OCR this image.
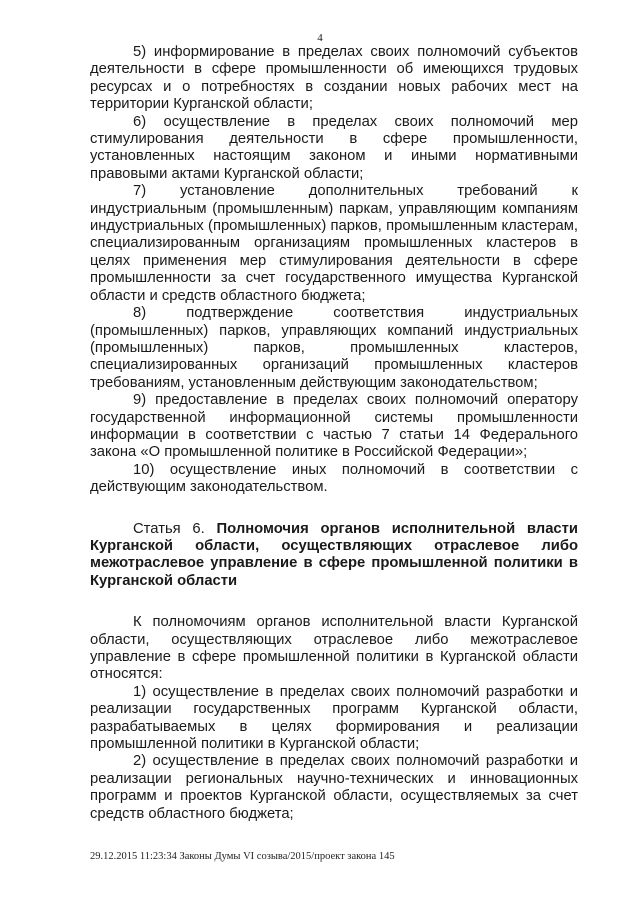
4

5) информирование в пределах своих полномочий субъектов деятельности в сфере промышленности об имеющихся трудовых ресурсах и о потребностях в создании новых рабочих мест на территории Курганской области;

6) осуществление в пределах своих полномочий мер стимулирования деятельности в сфере промышленности, установленных настоящим законом и иными нормативными правовыми актами Курганской области;

7) установление дополнительных требований к индустриальным (промышленным) паркам, управляющим компаниям индустриальных (промышленных) парков, промышленным кластерам, специализированным организациям промышленных кластеров в целях применения мер стимулирования деятельности в сфере промышленности за счет государственного имущества Курганской области и средств областного бюджета;

8) подтверждение соответствия индустриальных (промышленных) парков, управляющих компаний индустриальных (промышленных) парков, промышленных кластеров, специализированных организаций промышленных кластеров требованиям, установленным действующим законодательством;

9) предоставление в пределах своих полномочий оператору государственной информационной системы промышленности информации в соответствии с частью 7 статьи 14 Федерального закона «О промышленной политике в Российской Федерации»;

10) осуществление иных полномочий в соответствии с действующим законодательством.

Статья 6. Полномочия органов исполнительной власти Курганской области, осуществляющих отраслевое либо межотраслевое управление в сфере промышленной политики в Курганской области

К полномочиям органов исполнительной власти Курганской области, осуществляющих отраслевое либо межотраслевое управление в сфере промышленной политики в Курганской области относятся:

1) осуществление в пределах своих полномочий разработки и реализации государственных программ Курганской области, разрабатываемых в целях формирования и реализации промышленной политики в Курганской области;

2) осуществление в пределах своих полномочий разработки и реализации региональных научно-технических и инновационных программ и проектов Курганской области, осуществляемых за счет средств областного бюджета;

29.12.2015 11:23:34 Законы Думы VI созыва/2015/проект закона 145
